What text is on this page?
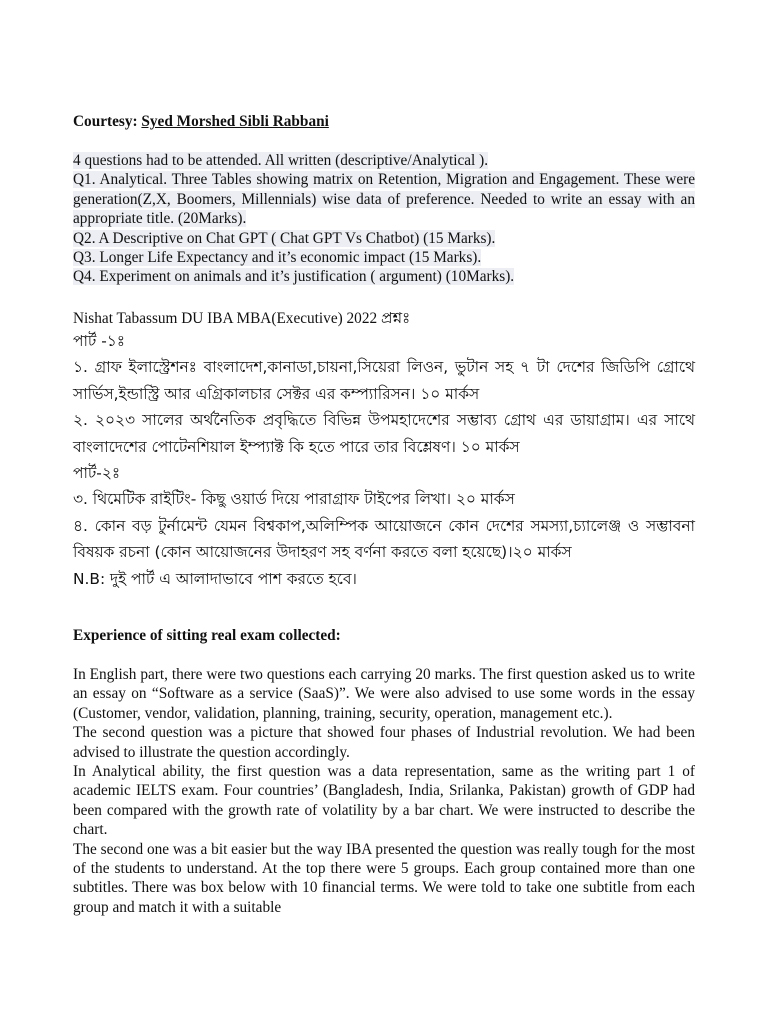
Courtesy: Syed Morshed Sibli Rabbani

4 questions had to be attended. All written (descriptive/Analytical ).

Q1. Analytical. Three Tables showing matrix on Retention, Migration and Engagement. These were generation(Z,X, Boomers, Millennials) wise data of preference. Needed to write an essay with an appropriate title. (20Marks).

Q2. A Descriptive on Chat GPT ( Chat GPT Vs Chatbot) (15 Marks).

Q3. Longer Life Expectancy and it’s economic impact (15 Marks).

Q4. Experiment on animals and it’s justification ( argument) (10Marks).

Nishat Tabassum DU IBA MBA(Executive) 2022 প্রশ্নঃ

পার্ট -১ঃ

১. গ্রাফ ইলাস্ট্রেশনঃ বাংলাদেশ,কানাডা,চায়না,সিয়েরা লিওন, ভুটান সহ ৭ টা দেশের জিডিপি গ্রোথে সার্ভিস,ইন্ডাস্ট্রি আর এগ্রিকালচার সেক্টর এর কম্প্যারিসন। ১০ মার্কস

২. ২০২৩ সালের অর্থনৈতিক প্রবৃদ্ধিতে বিভিন্ন উপমহাদেশের সম্ভাব্য গ্রোথ এর ডায়াগ্রাম। এর সাথে বাংলাদেশের পোটেনশিয়াল ইম্প্যাক্ট কি হতে পারে তার বিশ্লেষণ। ১০ মার্কস

পার্ট-২ঃ

৩. থিমেটিক রাইটিং- কিছু ওয়ার্ড দিয়ে পারাগ্রাফ টাইপের লিখা। ২০ মার্কস

৪. কোন বড় টুর্নামেন্ট যেমন বিশ্বকাপ,অলিম্পিক আয়োজনে কোন দেশের সমস্যা,চ্যালেঞ্জ ও সম্ভাবনা বিষয়ক রচনা (কোন আয়োজনের উদাহরণ সহ বর্ণনা করতে বলা হয়েছে)।২০ মার্কস

N.B: দুই পার্ট এ আলাদাভাবে পাশ করতে হবে।

Experience of sitting real exam collected:

In English part, there were two questions each carrying 20 marks. The first question asked us to write an essay on “Software as a service (SaaS)”. We were also advised to use some words in the essay (Customer, vendor, validation, planning, training, security, operation, management etc.).

The second question was a picture that showed four phases of Industrial revolution. We had been advised to illustrate the question accordingly.

In Analytical ability, the first question was a data representation, same as the writing part 1 of academic IELTS exam. Four countries’ (Bangladesh, India, Srilanka, Pakistan) growth of GDP had been compared with the growth rate of volatility by a bar chart. We were instructed to describe the chart.

The second one was a bit easier but the way IBA presented the question was really tough for the most of the students to understand. At the top there were 5 groups. Each group contained more than one subtitles. There was box below with 10 financial terms. We were told to take one subtitle from each group and match it with a suitable
